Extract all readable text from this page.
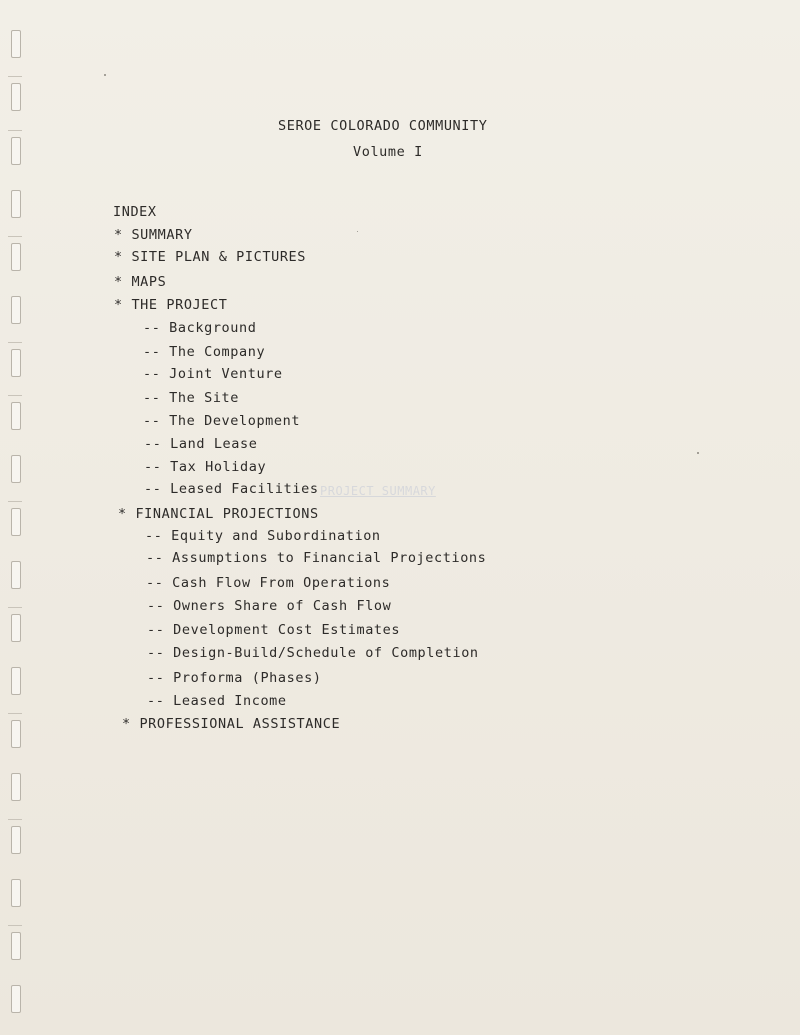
PROJECT SUMMARY
SEROE COLORADO COMMUNITY
Volume I
INDEX
* SUMMARY
* SITE PLAN & PICTURES
* MAPS
* THE PROJECT
-- Background
-- The Company
-- Joint Venture
-- The Site
-- The Development
-- Land Lease
-- Tax Holiday
-- Leased Facilities
* FINANCIAL PROJECTIONS
-- Equity and Subordination
-- Assumptions to Financial Projections
-- Cash Flow From Operations
-- Owners Share of Cash Flow
-- Development Cost Estimates
-- Design-Build/Schedule of Completion
-- Proforma (Phases)
-- Leased Income
* PROFESSIONAL ASSISTANCE
